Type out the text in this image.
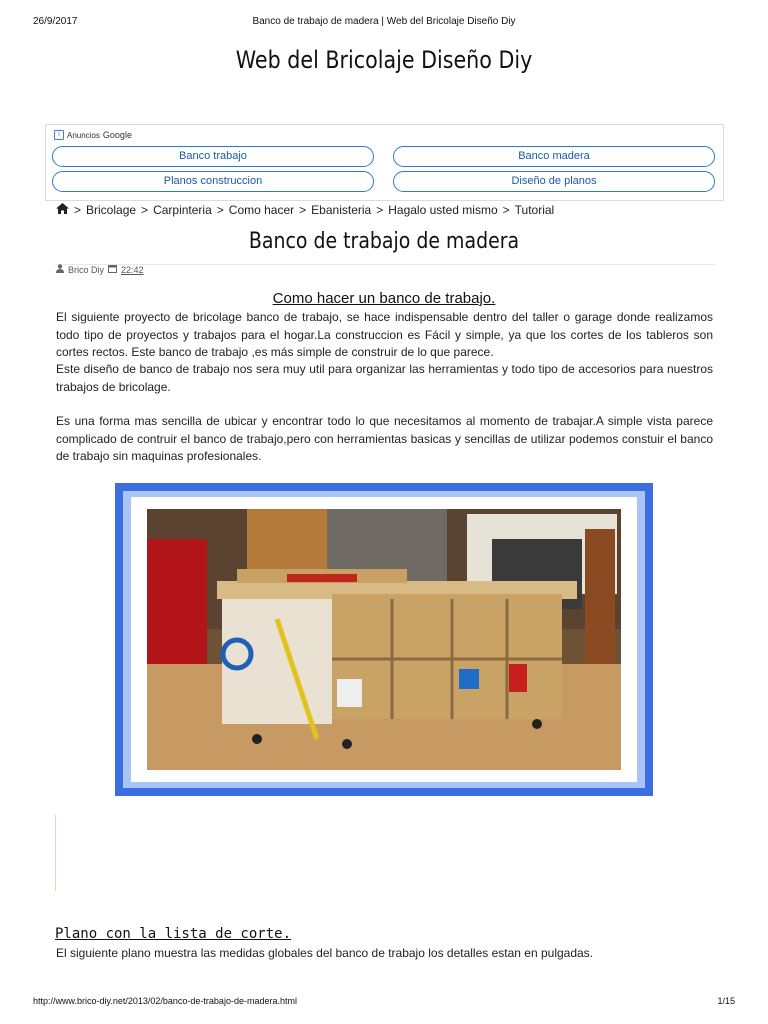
26/9/2017	Banco de trabajo de madera | Web del Bricolaje Diseño Diy
Web del Bricolaje Diseño Diy
i Anuncios Google
Banco trabajo	Banco madera
Planos construccion	Diseño de planos
> Bricolage > Carpinteria > Como hacer > Ebanisteria > Hagalo usted mismo > Tutorial
Banco de trabajo de madera
Brico Diy 22:42
Como hacer un banco de trabajo.
El siguiente proyecto de bricolage banco de trabajo, se hace indispensable dentro del taller o garage donde realizamos todo tipo de proyectos y trabajos para el hogar.La construccion es Fácil y simple, ya que los cortes de los tableros son cortes rectos. Este banco de trabajo ,es más simple de construir de lo que parece.
Este diseño de banco de trabajo nos sera muy util para organizar las herramientas y todo tipo de accesorios para nuestros trabajos de bricolage.
Es una forma mas sencilla de ubicar y encontrar todo lo que necesitamos al momento de trabajar.A simple vista parece complicado de contruir el banco de trabajo,pero con herramientas basicas y sencillas de utilizar podemos constuir el banco de trabajo sin maquinas profesionales.
Plano con la lista de corte.
El siguiente plano muestra las medidas globales del banco de trabajo los detalles estan en pulgadas.
http://www.brico-diy.net/2013/02/banco-de-trabajo-de-madera.html	1/15
